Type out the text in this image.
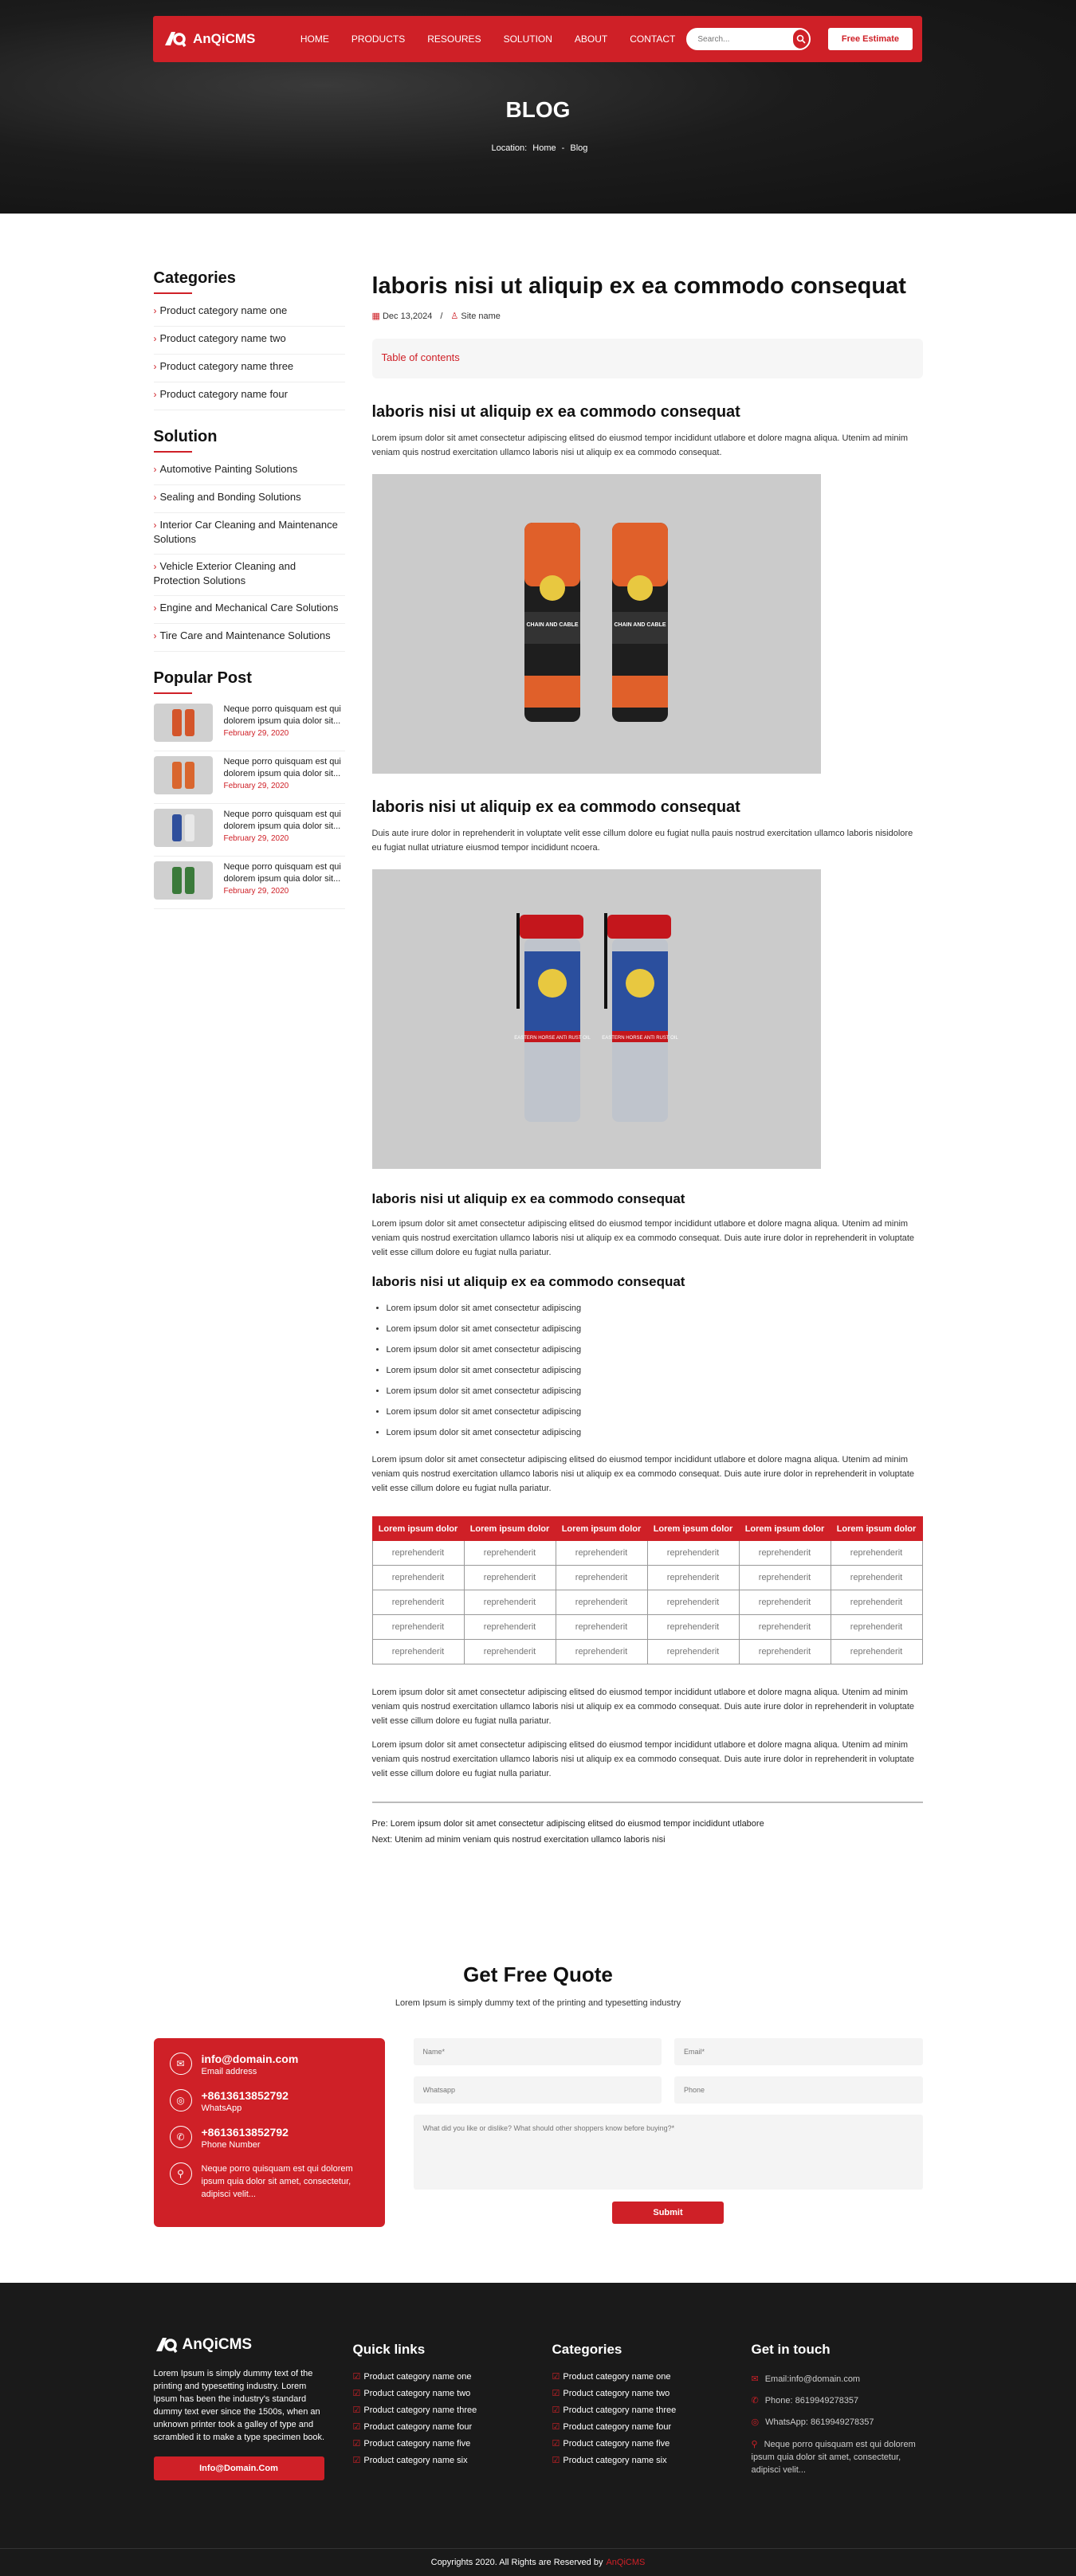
AnQiCMS	HOME	PRODUCTS	RESOURES	SOLUTION	ABOUT	CONTACT
Search...	Free Estimate
BLOG
Location: Home - Blog
Categories
› Product category name one
› Product category name two
› Product category name three
› Product category name four
Solution
› Automotive Painting Solutions
› Sealing and Bonding Solutions
› Interior Car Cleaning and Maintenance Solutions
› Vehicle Exterior Cleaning and Protection Solutions
› Engine and Mechanical Care Solutions
› Tire Care and Maintenance Solutions
Popular Post
Neque porro quisquam est qui dolorem ipsum quia dolor sit...
February 29, 2020
Neque porro quisquam est qui dolorem ipsum quia dolor sit...
February 29, 2020
Neque porro quisquam est qui dolorem ipsum quia dolor sit...
February 29, 2020
Neque porro quisquam est qui dolorem ipsum quia dolor sit...
February 29, 2020
laboris nisi ut aliquip ex ea commodo consequat
▦ Dec 13,2024 / ♙ Site name
Table of contents
laboris nisi ut aliquip ex ea commodo consequat

Lorem ipsum dolor sit amet consectetur adipiscing elitsed do eiusmod tempor incididunt utlabore et dolore magna aliqua. Utenim ad minim veniam quis nostrud exercitation ullamco laboris nisi ut aliquip ex ea commodo consequat.

CHAIN AND CABLE	CHAIN AND CABLE
laboris nisi ut aliquip ex ea commodo consequat

Duis aute irure dolor in reprehenderit in voluptate velit esse cillum dolore eu fugiat nulla pauis nostrud exercitation ullamco laboris nisidolore eu fugiat nullat utriature eiusmod tempor incididunt ncoera.

EASTERN HORSE ANTI RUST OIL EASTERN HORSE ANTI RUST OIL
laboris nisi ut aliquip ex ea commodo consequat

Lorem ipsum dolor sit amet consectetur adipiscing elitsed do eiusmod tempor incididunt utlabore et dolore magna aliqua. Utenim ad minim veniam quis nostrud exercitation ullamco laboris nisi ut aliquip ex ea commodo consequat. Duis aute irure dolor in reprehenderit in voluptate velit esse cillum dolore eu fugiat nulla pariatur.

laboris nisi ut aliquip ex ea commodo consequat
• Lorem ipsum dolor sit amet consectetur adipiscing
• Lorem ipsum dolor sit amet consectetur adipiscing
• Lorem ipsum dolor sit amet consectetur adipiscing
• Lorem ipsum dolor sit amet consectetur adipiscing
• Lorem ipsum dolor sit amet consectetur adipiscing
• Lorem ipsum dolor sit amet consectetur adipiscing
• Lorem ipsum dolor sit amet consectetur adipiscing

Lorem ipsum dolor sit amet consectetur adipiscing elitsed do eiusmod tempor incididunt utlabore et dolore magna aliqua. Utenim ad minim veniam quis nostrud exercitation ullamco laboris nisi ut aliquip ex ea commodo consequat. Duis aute irure dolor in reprehenderit in voluptate velit esse cillum dolore eu fugiat nulla pariatur.

Lorem ipsum dolor	Lorem ipsum dolor	Lorem ipsum dolor	Lorem ipsum dolor	Lorem ipsum dolor	Lorem ipsum dolor
reprehenderit	reprehenderit	reprehenderit	reprehenderit	reprehenderit	reprehenderit
reprehenderit	reprehenderit	reprehenderit	reprehenderit	reprehenderit	reprehenderit
reprehenderit	reprehenderit	reprehenderit	reprehenderit	reprehenderit	reprehenderit
reprehenderit	reprehenderit	reprehenderit	reprehenderit	reprehenderit	reprehenderit
reprehenderit	reprehenderit	reprehenderit	reprehenderit	reprehenderit	reprehenderit

Lorem ipsum dolor sit amet consectetur adipiscing elitsed do eiusmod tempor incididunt utlabore et dolore magna aliqua. Utenim ad minim veniam quis nostrud exercitation ullamco laboris nisi ut aliquip ex ea commodo consequat. Duis aute irure dolor in reprehenderit in voluptate velit esse cillum dolore eu fugiat nulla pariatur.

Lorem ipsum dolor sit amet consectetur adipiscing elitsed do eiusmod tempor incididunt utlabore et dolore magna aliqua. Utenim ad minim veniam quis nostrud exercitation ullamco laboris nisi ut aliquip ex ea commodo consequat. Duis aute irure dolor in reprehenderit in voluptate velit esse cillum dolore eu fugiat nulla pariatur.

Pre: Lorem ipsum dolor sit amet consectetur adipiscing elitsed do eiusmod tempor incididunt utlabore
Next: Utenim ad minim veniam quis nostrud exercitation ullamco laboris nisi
Get Free Quote
Lorem Ipsum is simply dummy text of the printing and typesetting industry
✉	info@domain.com
Email address
◎	+8613613852792
WhatsApp
✆	+8613613852792
Phone Number
⚲	Neque porro quisquam est qui dolorem ipsum quia dolor sit amet, consectetur, adipisci velit...
Name*
Email*
Whatsapp
Phone
What did you like or dislike? What should other shoppers know before buying?*
Submit
AnQiCMS

Lorem Ipsum is simply dummy text of the printing and typesetting industry. Lorem Ipsum has been the industry's standard dummy text ever since the 1500s, when an unknown printer took a galley of type and scrambled it to make a type specimen book.

Info@Domain.Com
Quick links
☑ Product category name one
☑ Product category name two
☑ Product category name three
☑ Product category name four
☑ Product category name five
☑ Product category name six
Categories
☑ Product category name one
☑ Product category name two
☑ Product category name three
☑ Product category name four
☑ Product category name five
☑ Product category name six
Get in touch
✉ Email:info@domain.com
✆ Phone: 8619949278357
◎ WhatsApp: 8619949278357
⚲ Neque porro quisquam est qui dolorem ipsum quia dolor sit amet, consectetur, adipisci velit...
Copyrights 2020. All Rights are Reserved by AnQiCMS
